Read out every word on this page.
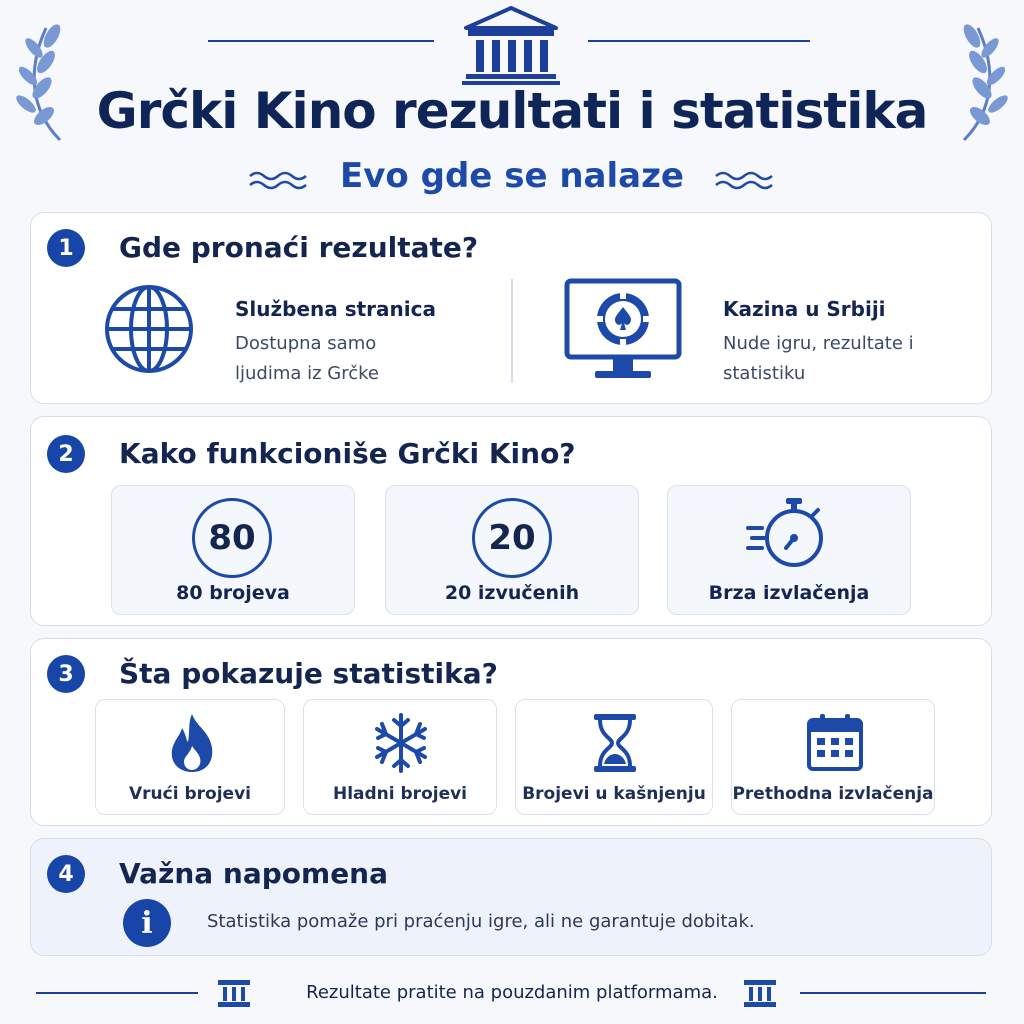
Grčki Kino rezultati i statistika
Evo gde se nalaze
1	Gde pronaći rezultate?
Službena stranica
Dostupna samo ljudima iz Grčke
Kazina u Srbiji
Nude igru, rezultate i statistiku
2	Kako funkcioniše Grčki Kino?
80
80 brojeva
20
20 izvučenih	Brza izvlačenja
3	Šta pokazuje statistika?
Vrući brojevi	Hladni brojevi	Brojevi u kašnjenju	Prethodna izvlačenja
4	Važna napomena
i	Statistika pomaže pri praćenju igre, ali ne garantuje dobitak.
Rezultate pratite na pouzdanim platformama.
